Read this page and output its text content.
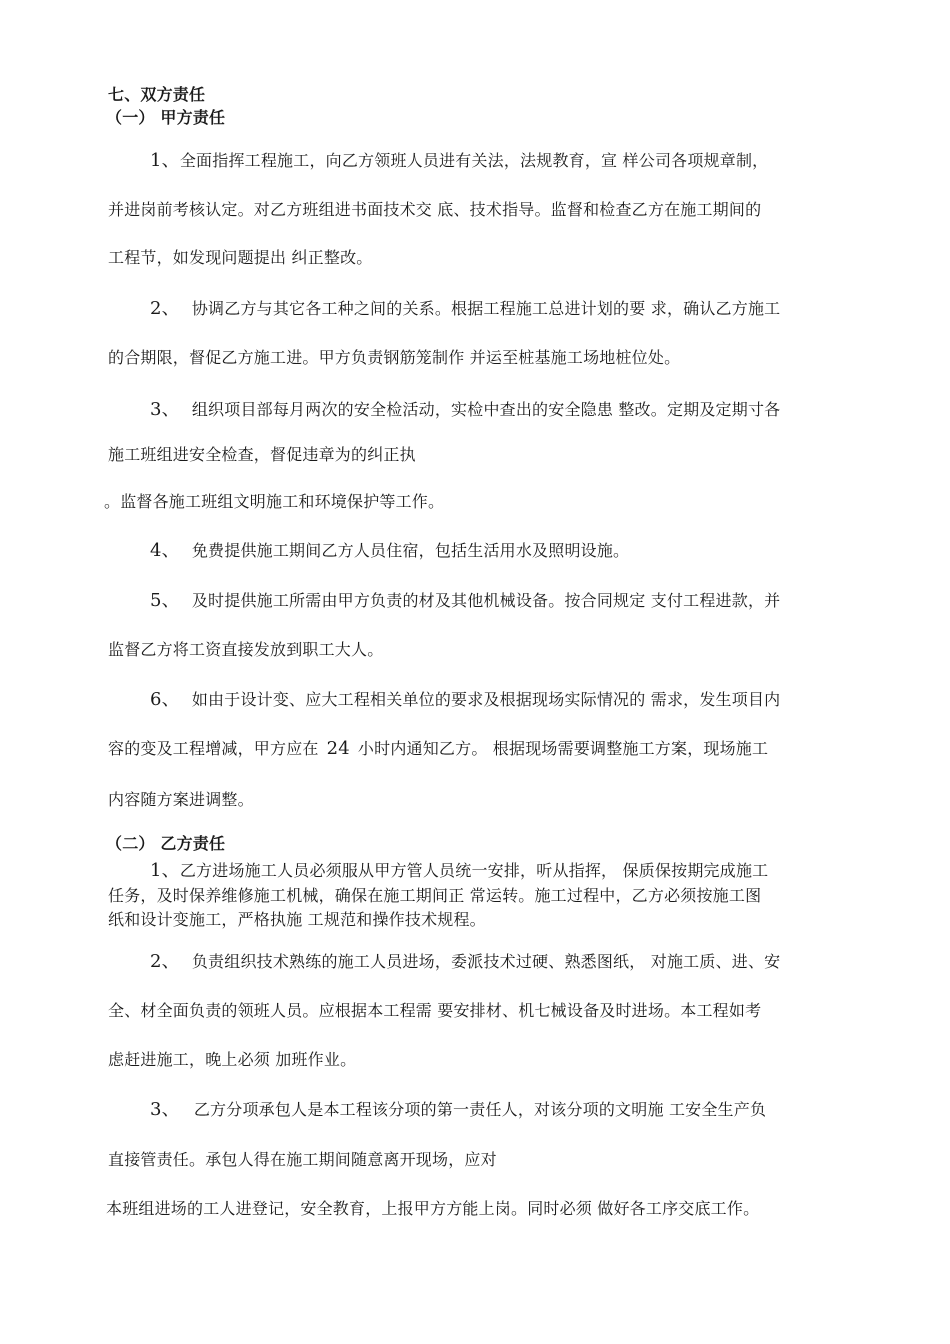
七、双方责任
（一） 甲方责任
1、全面指挥工程施工，向乙方领班人员进有关法，法规教育，宣 样公司各项规章制，
并进岗前考核认定。对乙方班组进书面技术交 底、技术指导。监督和检查乙方在施工期间的
工程节，如发现问题提出 纠正整改。
2、 协调乙方与其它各工种之间的关系。根据工程施工总进计划的要 求，确认乙方施工
的合期限，督促乙方施工进。甲方负责钢筋笼制作 并运至桩基施工场地桩位处。
3、 组织项目部每月两次的安全检活动，实检中查出的安全隐患 整改。定期及定期寸各
施工班组进安全检查，督促违章为的纠正执
。监督各施工班组文明施工和环境保护等工作。
4、 免费提供施工期间乙方人员住宿，包括生活用水及照明设施。
5、 及时提供施工所需由甲方负责的材及其他机械设备。按合同规定 支付工程进款，并
监督乙方将工资直接发放到职工大人。
6、 如由于设计变、应大工程相关单位的要求及根据现场实际情况的 需求，发生项目内
容的变及工程增减，甲方应在 24 小时内通知乙方。 根据现场需要调整施工方案，现场施工
内容随方案进调整。
（二） 乙方责任
1、乙方进场施工人员必须服从甲方管人员统一安排，听从指挥， 保质保按期完成施工
任务，及时保养维修施工机械，确保在施工期间正 常运转。施工过程中，乙方必须按施工图
纸和设计变施工，严格执施 工规范和操作技术规程。
2、 负责组织技术熟练的施工人员进场，委派技术过硬、熟悉图纸， 对施工质、进、安
全、材全面负责的领班人员。应根据本工程需 要安排材、机七械设备及时进场。本工程如考
虑赶进施工，晚上必须 加班作业。
3、 乙方分项承包人是本工程该分项的第一责任人，对该分项的文明施 工安全生产负
直接管责任。承包人得在施工期间随意离开现场，应对
本班组进场的工人进登记，安全教育，上报甲方方能上岗。同时必须 做好各工序交底工作。
